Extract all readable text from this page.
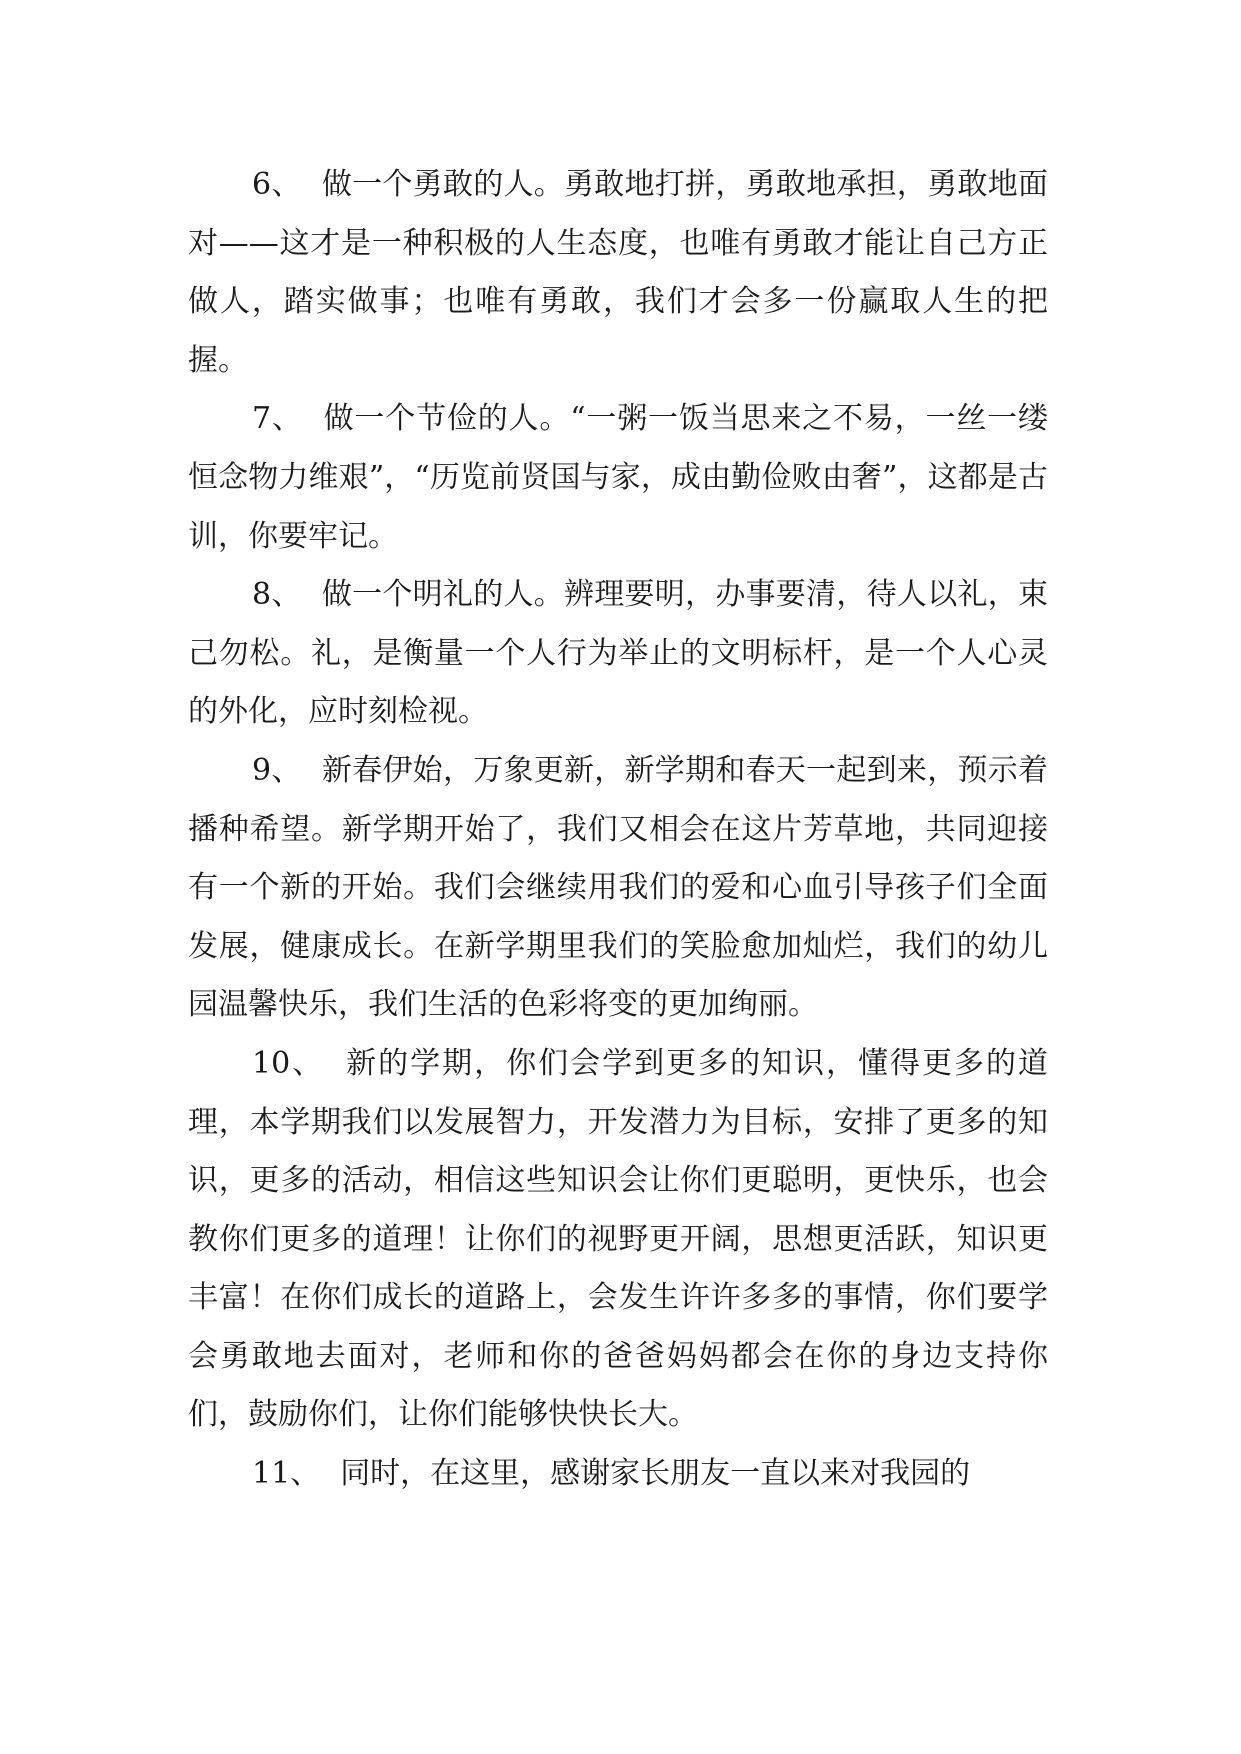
6、 做一个勇敢的人。勇敢地打拼，勇敢地承担，勇敢地面对——这才是一种积极的人生态度，也唯有勇敢才能让自己方正做人，踏实做事；也唯有勇敢，我们才会多一份赢取人生的把握。

7、 做一个节俭的人。“一粥一饭当思来之不易，一丝一缕恒念物力维艰”，“历览前贤国与家，成由勤俭败由奢”，这都是古训，你要牢记。

8、 做一个明礼的人。辨理要明，办事要清，待人以礼，束己勿松。礼，是衡量一个人行为举止的文明标杆，是一个人心灵的外化，应时刻检视。

9、 新春伊始，万象更新，新学期和春天一起到来，预示着播种希望。新学期开始了，我们又相会在这片芳草地，共同迎接有一个新的开始。我们会继续用我们的爱和心血引导孩子们全面发展，健康成长。在新学期里我们的笑脸愈加灿烂，我们的幼儿园温馨快乐，我们生活的色彩将变的更加绚丽。

10、 新的学期，你们会学到更多的知识，懂得更多的道理，本学期我们以发展智力，开发潜力为目标，安排了更多的知识，更多的活动，相信这些知识会让你们更聪明，更快乐，也会教你们更多的道理！让你们的视野更开阔，思想更活跃，知识更丰富！在你们成长的道路上，会发生许许多多的事情，你们要学会勇敢地去面对，老师和你的爸爸妈妈都会在你的身边支持你们，鼓励你们，让你们能够快快长大。

11、 同时，在这里，感谢家长朋友一直以来对我园的
